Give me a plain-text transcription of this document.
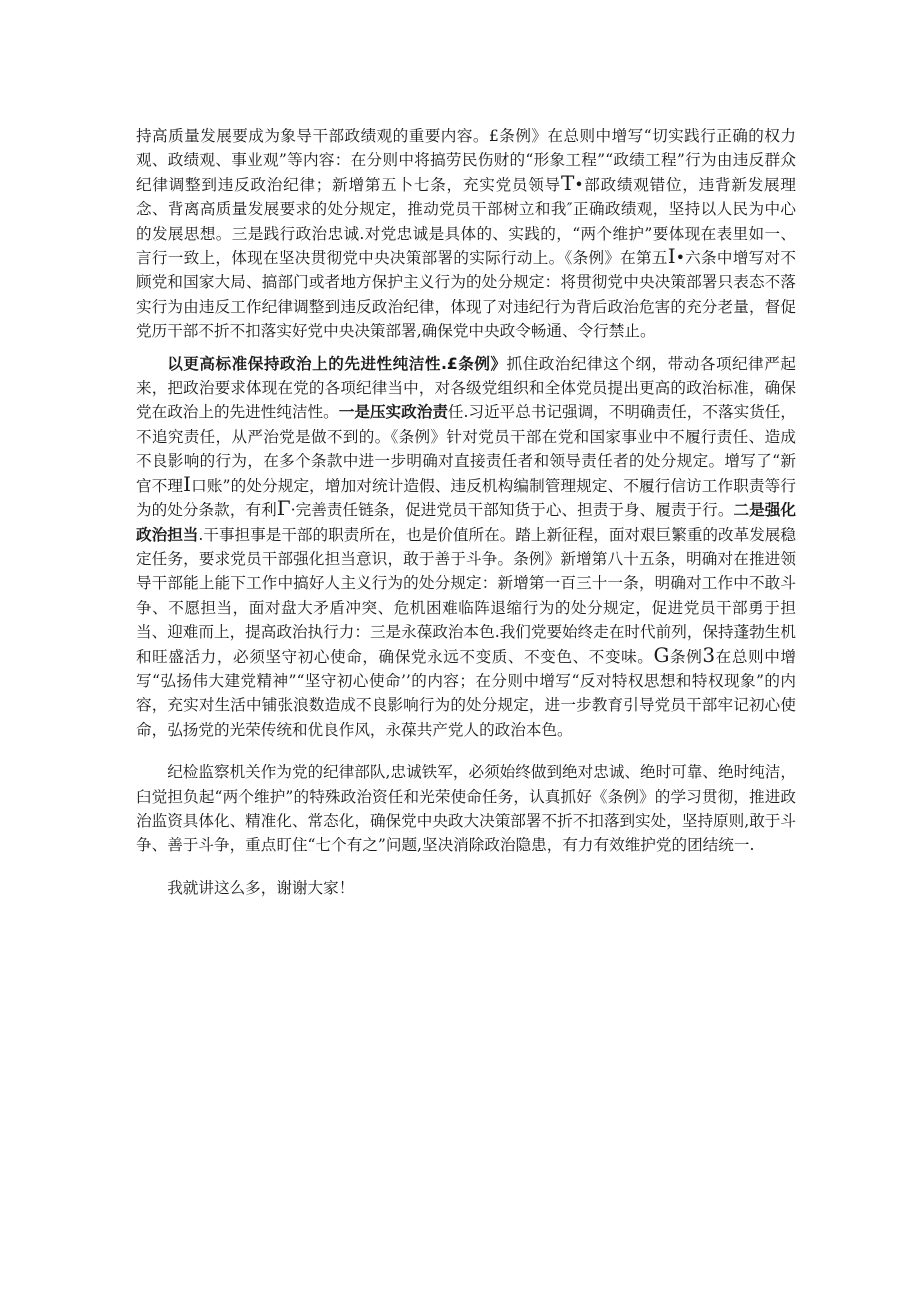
持高质量发展要成为象导干部政绩观的重要内容。£条例》在总则中增写“切实践行正确的权力观、政绩观、事业观”等内容：在分则中将搞劳民伤财的“形象工程”“政绩工程”行为由违反群众纪律调整到违反政治纪律；新增第五卜七条，充实党员领导T•部政绩观错位，违背新发展理念、背离高质量发展要求的处分规定，推动党员干部树立和我″正确政绩观，坚持以人民为中心的发展思想。三是践行政治忠诚.对党忠诚是具体的、实践的，“两个维护”要体现在表里如一、言行一致上，体现在坚决贯彻党中央决策部署的实际行动上。《条例》在第五I•六条中增写对不顾党和国家大局、搞部门或者地方保护主义行为的处分规定：将贯彻党中央决策部署只表态不落实行为由违反工作纪律调整到违反政治纪律，体现了对违纪行为背后政治危害的充分老量，督促党历干部不折不扣落实好党中央决策部署,确保党中央政令畅通、令行禁止。

以更高标准保持政治上的先进性纯洁性.£条例》抓住政治纪律这个纲，带动各项纪律严起来，把政治要求体现在党的各项纪律当中，对各级党组织和全体党员提出更高的政治标准，确保党在政治上的先进性纯洁性。一是压实政治责任.习近平总书记强调，不明确责任，不落实货任，不追究责任，从严治党是做不到的。《条例》针对党员干部在党和国家事业中不履行责任、造成不良影响的行为，在多个条款中进一步明确对直接责任者和领导责任者的处分规定。增写了“新官不理I口账”的处分规定，增加对统计造假、违反机构编制管理规定、不履行信访工作职责等行为的处分条款，有利Γ·完善责任链条，促进党员干部知货于心、担责于身、履责于行。二是强化政治担当.干事担事是干部的职责所在，也是价值所在。踏上新征程，面对艰巨繁重的改革发展稳定任务，要求党员干部强化担当意识，敢于善于斗争。条例》新增第八十五条，明确对在推进领导干部能上能下工作中搞好人主义行为的处分规定：新增第一百三十一条，明确对工作中不敢斗争、不愿担当，面对盘大矛盾冲突、危机困难临阵退缩行为的处分规定，促进党员干部勇于担当、迎难而上，提高政治执行力：三是永葆政治本色.我们党要始终走在时代前列，保持蓬勃生机和旺盛活力，必须坚守初心使命，确保党永远不变质、不变色、不变味。G条例3在总则中增写“弘扬伟大建党精神”“坚守初心使命’’的内容；在分则中增写“反对特权思想和特权现象”的内容，充实对生活中铺张浪数造成不良影响行为的处分规定，进一步教育引导党员干部牢记初心使命，弘扬党的光荣传统和优良作风，永葆共产党人的政治本色。

纪检监察机关作为党的纪律部队,忠诚铁军，必须始终做到绝对忠诚、绝时可靠、绝时纯洁，臼觉担负起“两个维护”的特殊政治资任和光荣使命任务，认真抓好《条例》的学习贯彻，推进政治监资具体化、精准化、常态化，确保党中央政大决策部署不折不扣落到实处，坚持原则,敢于斗争、善于斗争，重点盯住“七个有之”问题,坚决消除政治隐患，有力有效维护党的团结统一.

我就讲这么多，谢谢大家！
